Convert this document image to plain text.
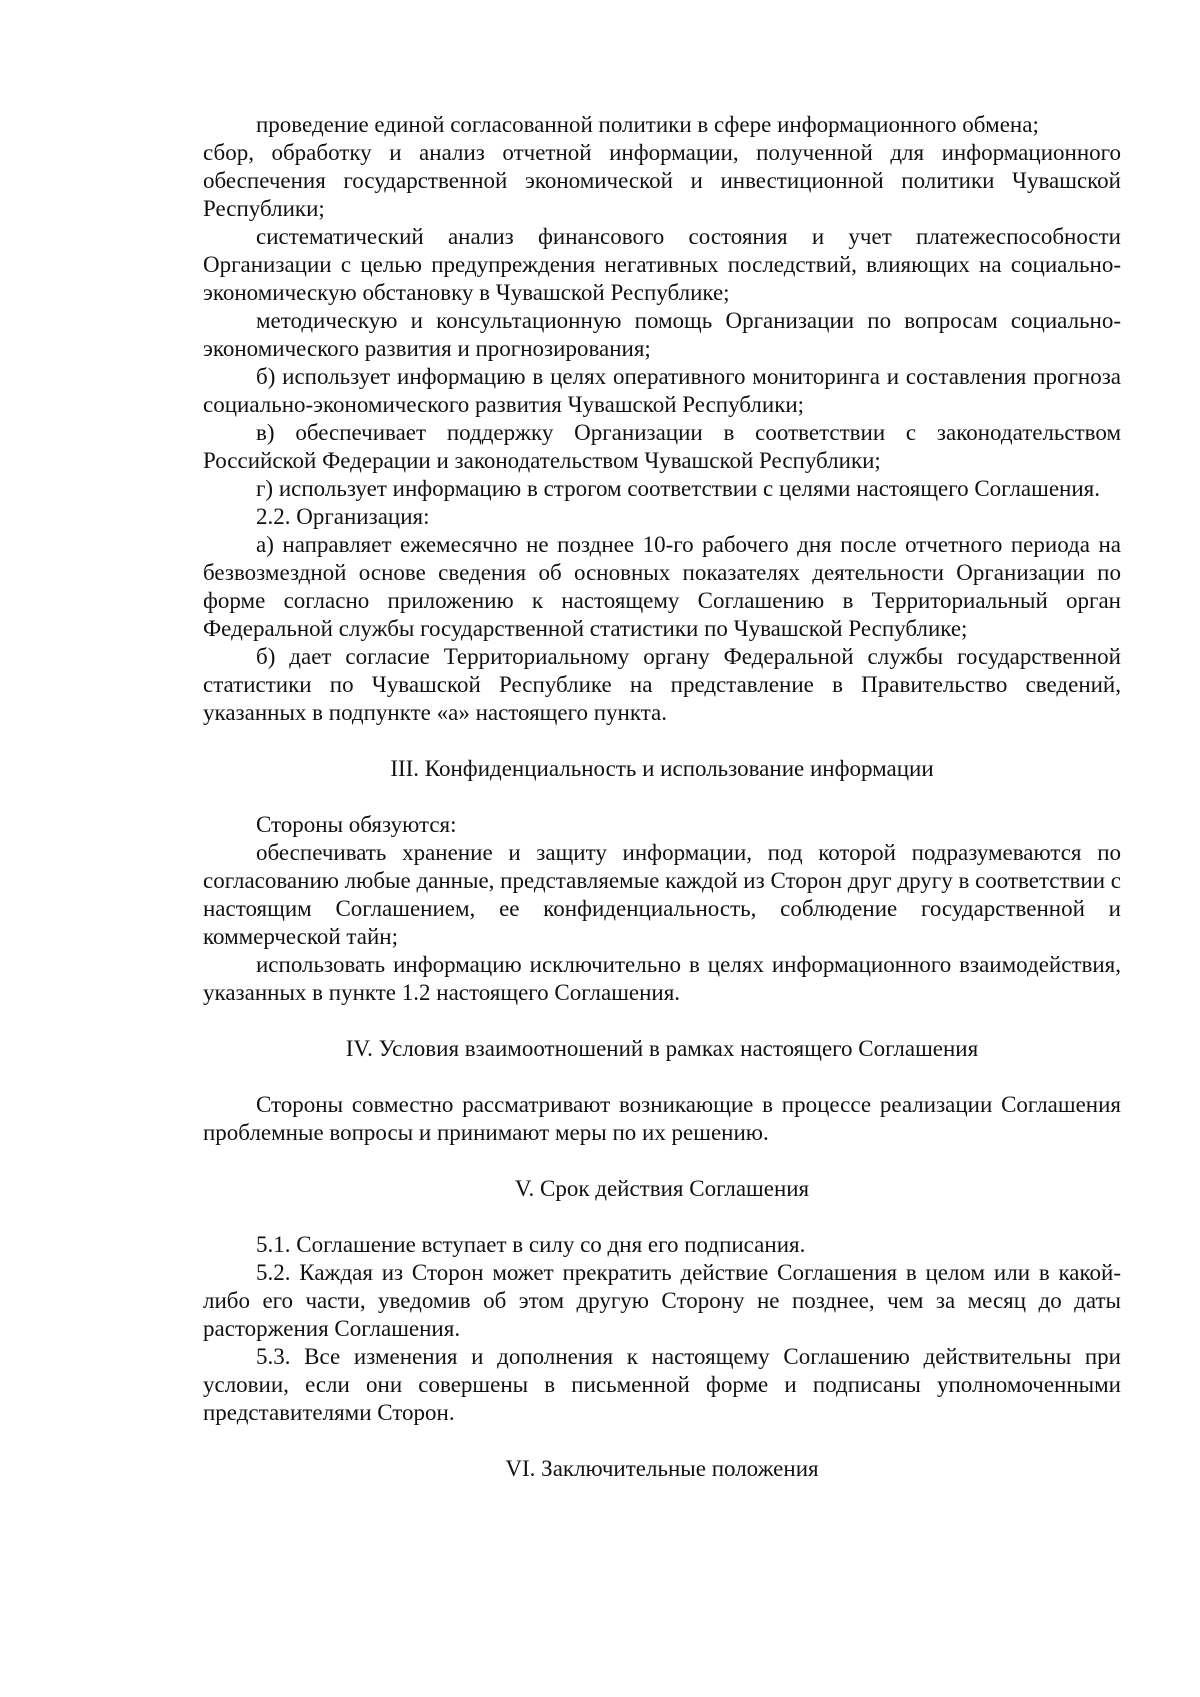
проведение единой согласованной политики в сфере информационного обмена;

сбор, обработку и анализ отчетной информации, полученной для информационного обеспечения государственной экономической и инвестиционной политики Чувашской Республики;

систематический анализ финансового состояния и учет платежеспособности Организации с целью предупреждения негативных последствий, влияющих на социально-экономическую обстановку в Чувашской Республике;

методическую и консультационную помощь Организации по вопросам социально-экономического развития и прогнозирования;

б) использует информацию в целях оперативного мониторинга и составления прогноза социально-экономического развития Чувашской Республики;

в) обеспечивает поддержку Организации в соответствии с законодательством Российской Федерации и законодательством Чувашской Республики;

г) использует информацию в строгом соответствии с целями настоящего Соглашения.

2.2. Организация:

а) направляет ежемесячно не позднее 10-го рабочего дня после отчетного периода на безвозмездной основе сведения об основных показателях деятельности Организации по форме согласно приложению к настоящему Соглашению в Территориальный орган Федеральной службы государственной статистики по Чувашской Республике;

б) дает согласие Территориальному органу Федеральной службы государственной статистики по Чувашской Республике на представление в Правительство сведений, указанных в подпункте «а» настоящего пункта.

III. Конфиденциальность и использование информации

Стороны обязуются:

обеспечивать хранение и защиту информации, под которой подразумеваются по согласованию любые данные, представляемые каждой из Сторон друг другу в соответствии с настоящим Соглашением, ее конфиденциальность, соблюдение государственной и коммерческой тайн;

использовать информацию исключительно в целях информационного взаимодействия, указанных в пункте 1.2 настоящего Соглашения.

IV. Условия взаимоотношений в рамках настоящего Соглашения

Стороны совместно рассматривают возникающие в процессе реализации Соглашения проблемные вопросы и принимают меры по их решению.

V. Срок действия Соглашения

5.1. Соглашение вступает в силу со дня его подписания.

5.2. Каждая из Сторон может прекратить действие Соглашения в целом или в какой-либо его части, уведомив об этом другую Сторону не позднее, чем за месяц до даты расторжения Соглашения.

5.3. Все изменения и дополнения к настоящему Соглашению действительны при условии, если они совершены в письменной форме и подписаны уполномоченными представителями Сторон.

VI. Заключительные положения
